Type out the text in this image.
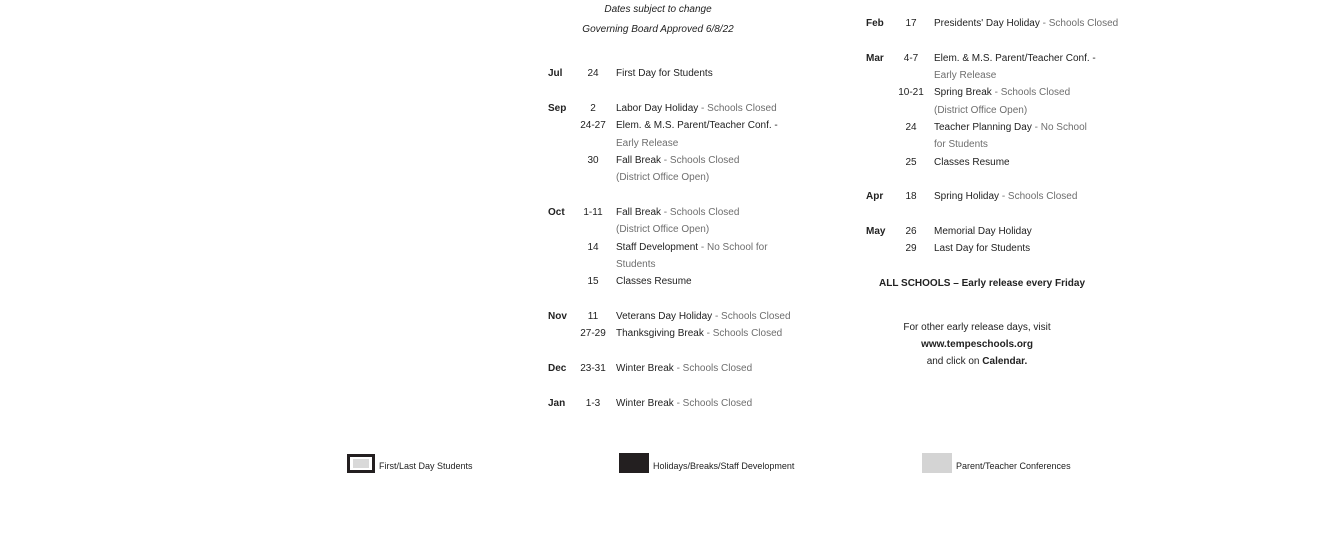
Dates subject to change
Governing Board Approved 6/8/22
Jul	24	First Day for Students
Sep	2	Labor Day Holiday - Schools Closed
24-27 Elem. & M.S. Parent/Teacher Conf. -
Early Release
30	Fall Break - Schools Closed
(District Office Open)
Oct	1-11	Fall Break - Schools Closed
(District Office Open)
14	Staff Development - No School for
Students
15	Classes Resume
Nov	11	Veterans Day Holiday - Schools Closed
27-29 Thanksgiving Break - Schools Closed
Dec 23-31 Winter Break - Schools Closed
Jan	1-3	Winter Break - Schools Closed
Feb	17	Presidents' Day Holiday - Schools Closed
Mar	4-7	Elem. & M.S. Parent/Teacher Conf. -
Early Release
10-21 Spring Break - Schools Closed
(District Office Open)
24	Teacher Planning Day - No School
for Students
25	Classes Resume
Apr	18	Spring Holiday - Schools Closed
May	26	Memorial Day Holiday
29	Last Day for Students
ALL SCHOOLS – Early release every Friday
For other early release days, visit
www.tempeschools.org
and click on Calendar.
First/Last Day Students	Holidays/Breaks/Staff Development	Parent/Teacher Conferences
